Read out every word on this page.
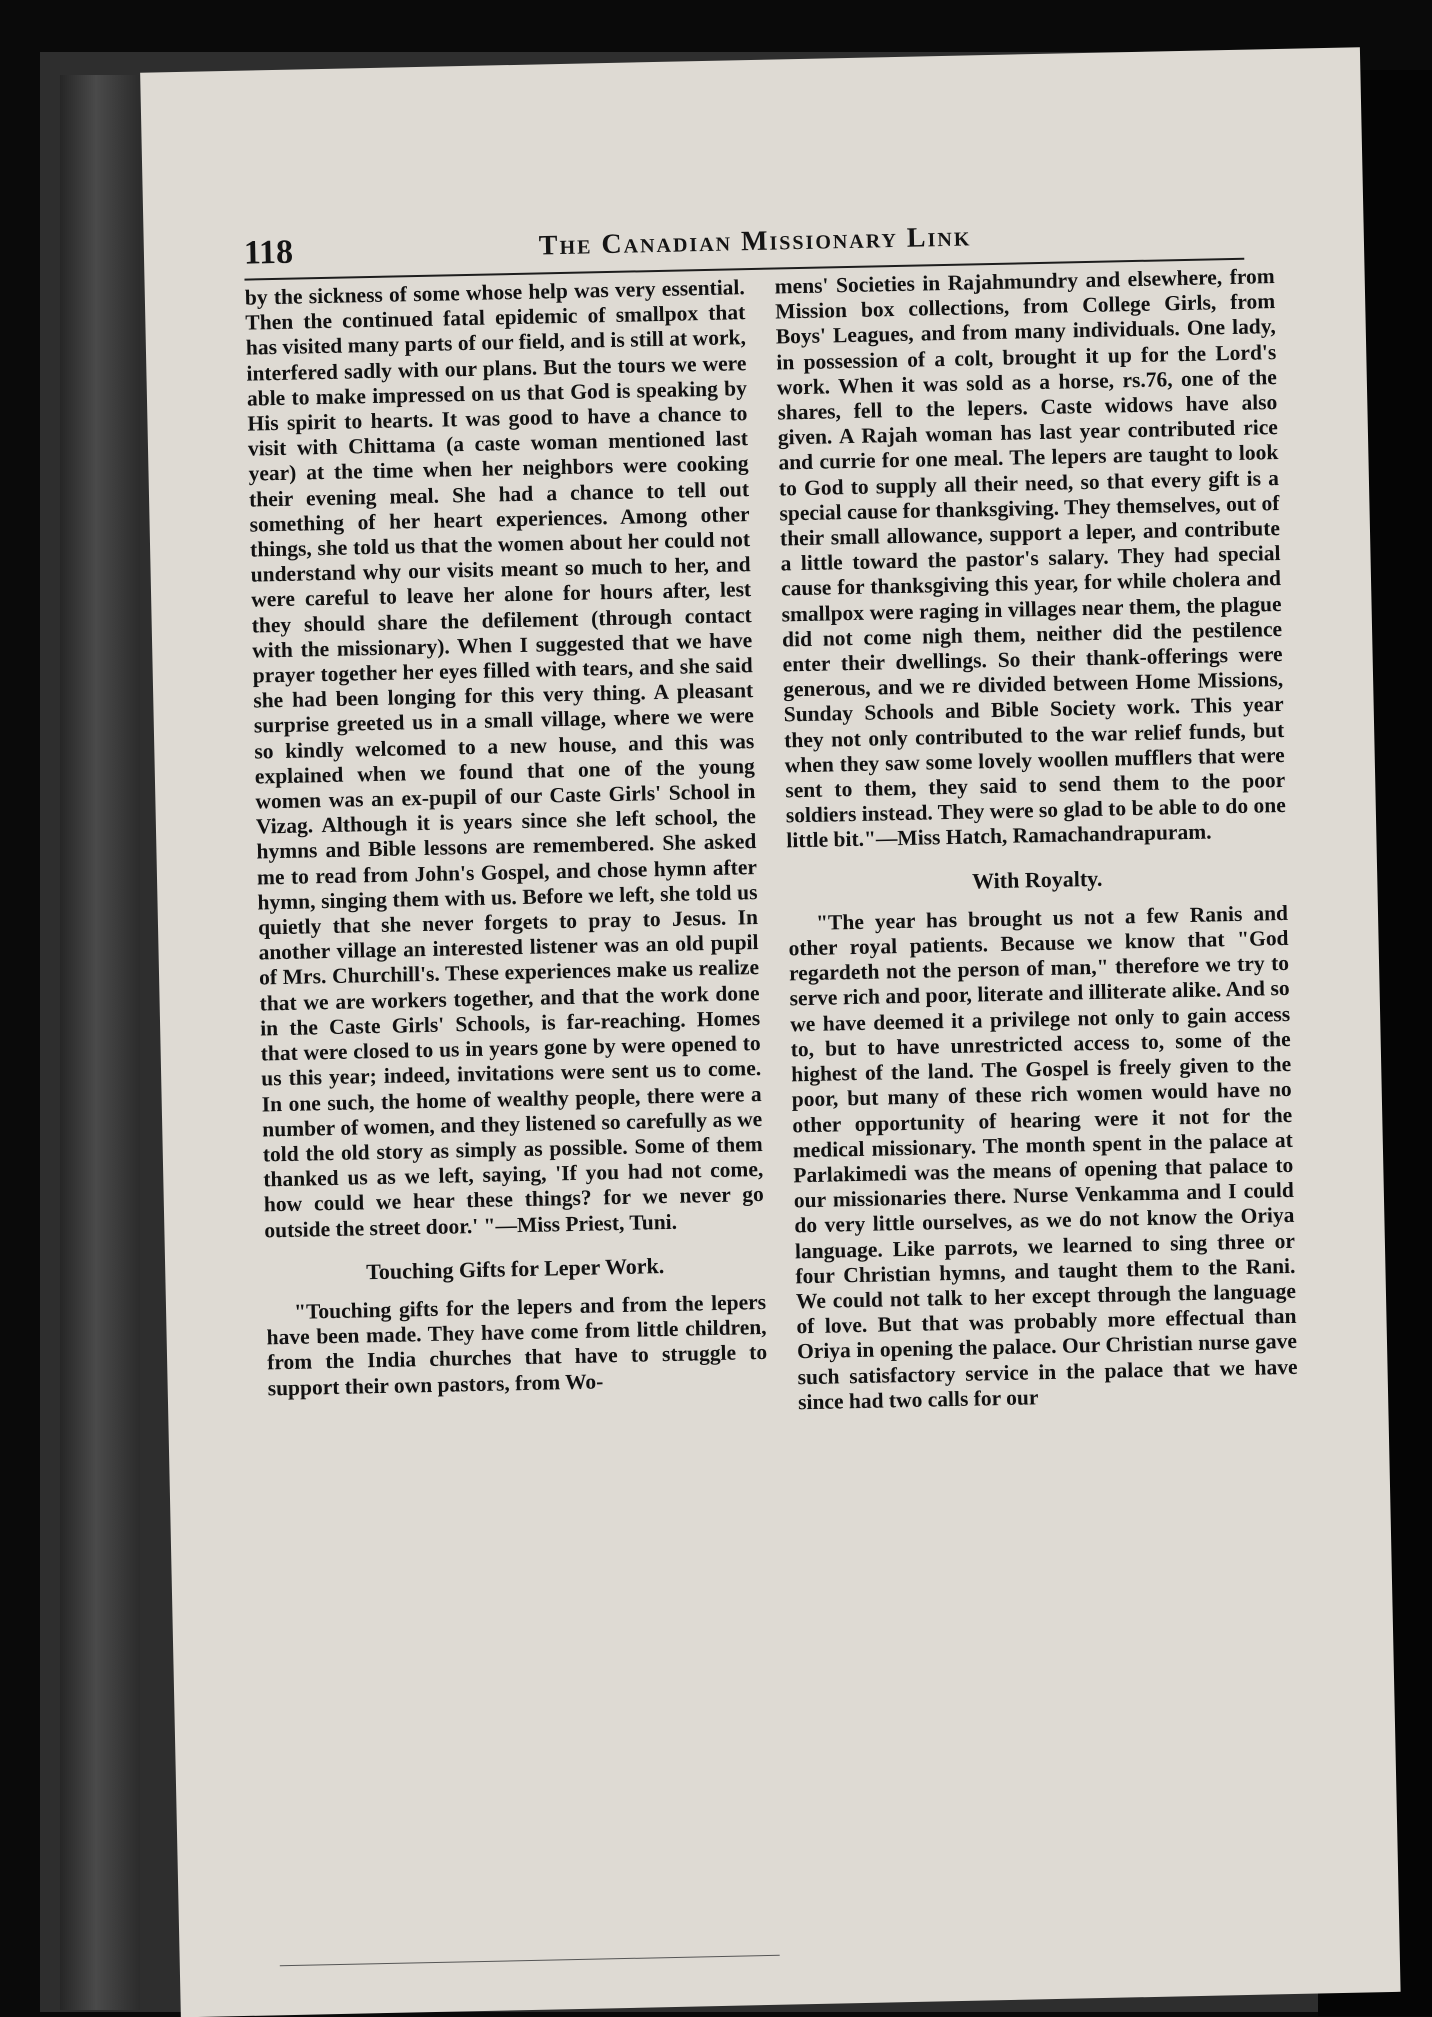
118	The Canadian Missionary Link

by the sickness of some whose help was very essential. Then the continued fatal epidemic of smallpox that has visited many parts of our field, and is still at work, interfered sadly with our plans. But the tours we were able to make impressed on us that God is speaking by His spirit to hearts. It was good to have a chance to visit with Chittama (a caste woman mentioned last year) at the time when her neighbors were cooking their evening meal. She had a chance to tell out something of her heart experiences. Among other things, she told us that the women about her could not understand why our visits meant so much to her, and were careful to leave her alone for hours after, lest they should share the defilement (through contact with the missionary). When I suggested that we have prayer together her eyes filled with tears, and she said she had been longing for this very thing. A pleasant surprise greeted us in a small village, where we were so kindly welcomed to a new house, and this was explained when we found that one of the young women was an ex-pupil of our Caste Girls' School in Vizag. Although it is years since she left school, the hymns and Bible lessons are remembered. She asked me to read from John's Gospel, and chose hymn after hymn, singing them with us. Before we left, she told us quietly that she never forgets to pray to Jesus. In another village an interested listener was an old pupil of Mrs. Churchill's. These experiences make us realize that we are workers together, and that the work done in the Caste Girls' Schools, is far-reaching. Homes that were closed to us in years gone by were opened to us this year; indeed, invitations were sent us to come. In one such, the home of wealthy people, there were a number of women, and they listened so carefully as we told the old story as simply as possible. Some of them thanked us as we left, saying, 'If you had not come, how could we hear these things? for we never go outside the street door.' "—Miss Priest, Tuni.

Touching Gifts for Leper Work.

"Touching gifts for the lepers and from the lepers have been made. They have come from little children, from the India churches that have to struggle to support their own pastors, from Wo-

mens' Societies in Rajahmundry and elsewhere, from Mission box collections, from College Girls, from Boys' Leagues, and from many individuals. One lady, in possession of a colt, brought it up for the Lord's work. When it was sold as a horse, rs.76, one of the shares, fell to the lepers. Caste widows have also given. A Rajah woman has last year contributed rice and currie for one meal. The lepers are taught to look to God to supply all their need, so that every gift is a special cause for thanksgiving. They themselves, out of their small allowance, support a leper, and contribute a little toward the pastor's salary. They had special cause for thanksgiving this year, for while cholera and smallpox were raging in villages near them, the plague did not come nigh them, neither did the pestilence enter their dwellings. So their thank-offerings were generous, and we re divided between Home Missions, Sunday Schools and Bible Society work. This year they not only contributed to the war relief funds, but when they saw some lovely woollen mufflers that were sent to them, they said to send them to the poor soldiers instead. They were so glad to be able to do one little bit."—Miss Hatch, Ramachandrapuram.

With Royalty.

"The year has brought us not a few Ranis and other royal patients. Because we know that "God regardeth not the person of man," therefore we try to serve rich and poor, literate and illiterate alike. And so we have deemed it a privilege not only to gain access to, but to have unrestricted access to, some of the highest of the land. The Gospel is freely given to the poor, but many of these rich women would have no other opportunity of hearing were it not for the medical missionary. The month spent in the palace at Parlakimedi was the means of opening that palace to our missionaries there. Nurse Venkamma and I could do very little ourselves, as we do not know the Oriya language. Like parrots, we learned to sing three or four Christian hymns, and taught them to the Rani. We could not talk to her except through the language of love. But that was probably more effectual than Oriya in opening the palace. Our Christian nurse gave such satisfactory service in the palace that we have since had two calls for our
